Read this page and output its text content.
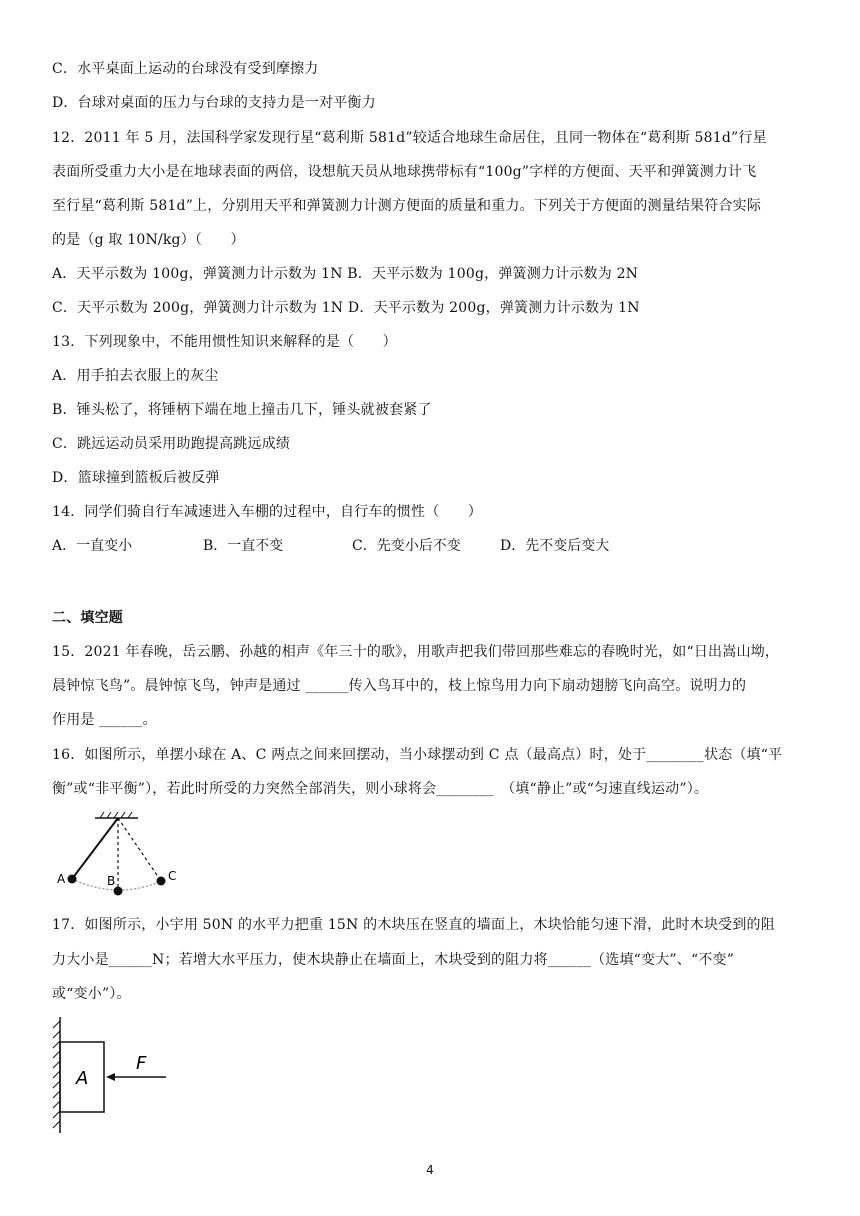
C．水平桌面上运动的台球没有受到摩擦力
D．台球对桌面的压力与台球的支持力是一对平衡力
12．2011 年 5 月，法国科学家发现行星“葛利斯 581d”较适合地球生命居住，且同一物体在“葛利斯 581d”行星
表面所受重力大小是在地球表面的两倍，设想航天员从地球携带标有“100g”字样的方便面、天平和弹簧测力计飞
至行星“葛利斯 581d”上，分别用天平和弹簧测力计测方便面的质量和重力。下列关于方便面的测量结果符合实际
的是（g 取 10N/kg）（　　）
A．天平示数为 100g，弹簧测力计示数为 1N B．天平示数为 100g，弹簧测力计示数为 2N
C．天平示数为 200g，弹簧测力计示数为 1N D．天平示数为 200g，弹簧测力计示数为 1N
13．下列现象中，不能用惯性知识来解释的是（　　）
A．用手拍去衣服上的灰尘
B．锤头松了，将锤柄下端在地上撞击几下，锤头就被套紧了
C．跳远运动员采用助跑提高跳远成绩
D．篮球撞到篮板后被反弹
14．同学们骑自行车减速进入车棚的过程中，自行车的惯性（　　）
A．一直变小	B．一直不变	C．先变小后不变	D．先不变后变大
二、填空题
15．2021 年春晚，岳云鹏、孙越的相声《年三十的歌》，用歌声把我们带回那些难忘的春晚时光，如“日出嵩山坳，
晨钟惊飞鸟”。晨钟惊飞鸟，钟声是通过 ______传入鸟耳中的，枝上惊鸟用力向下扇动翅膀飞向高空。说明力的
作用是 ______。
16．如图所示，单摆小球在 A、C 两点之间来回摆动，当小球摆动到 C 点（最高点）时，处于________状态（填“平
衡”或“非平衡”），若此时所受的力突然全部消失，则小球将会________　（填“静止”或“匀速直线运动”）。
A	B	C
17．如图所示，小宇用 50N 的水平力把重 15N 的木块压在竖直的墙面上，木块恰能匀速下滑，此时木块受到的阻
力大小是______N；若增大水平压力，使木块静止在墙面上，木块受到的阻力将______（选填“变大”、“不变”
或“变小”）。
A
F
4
